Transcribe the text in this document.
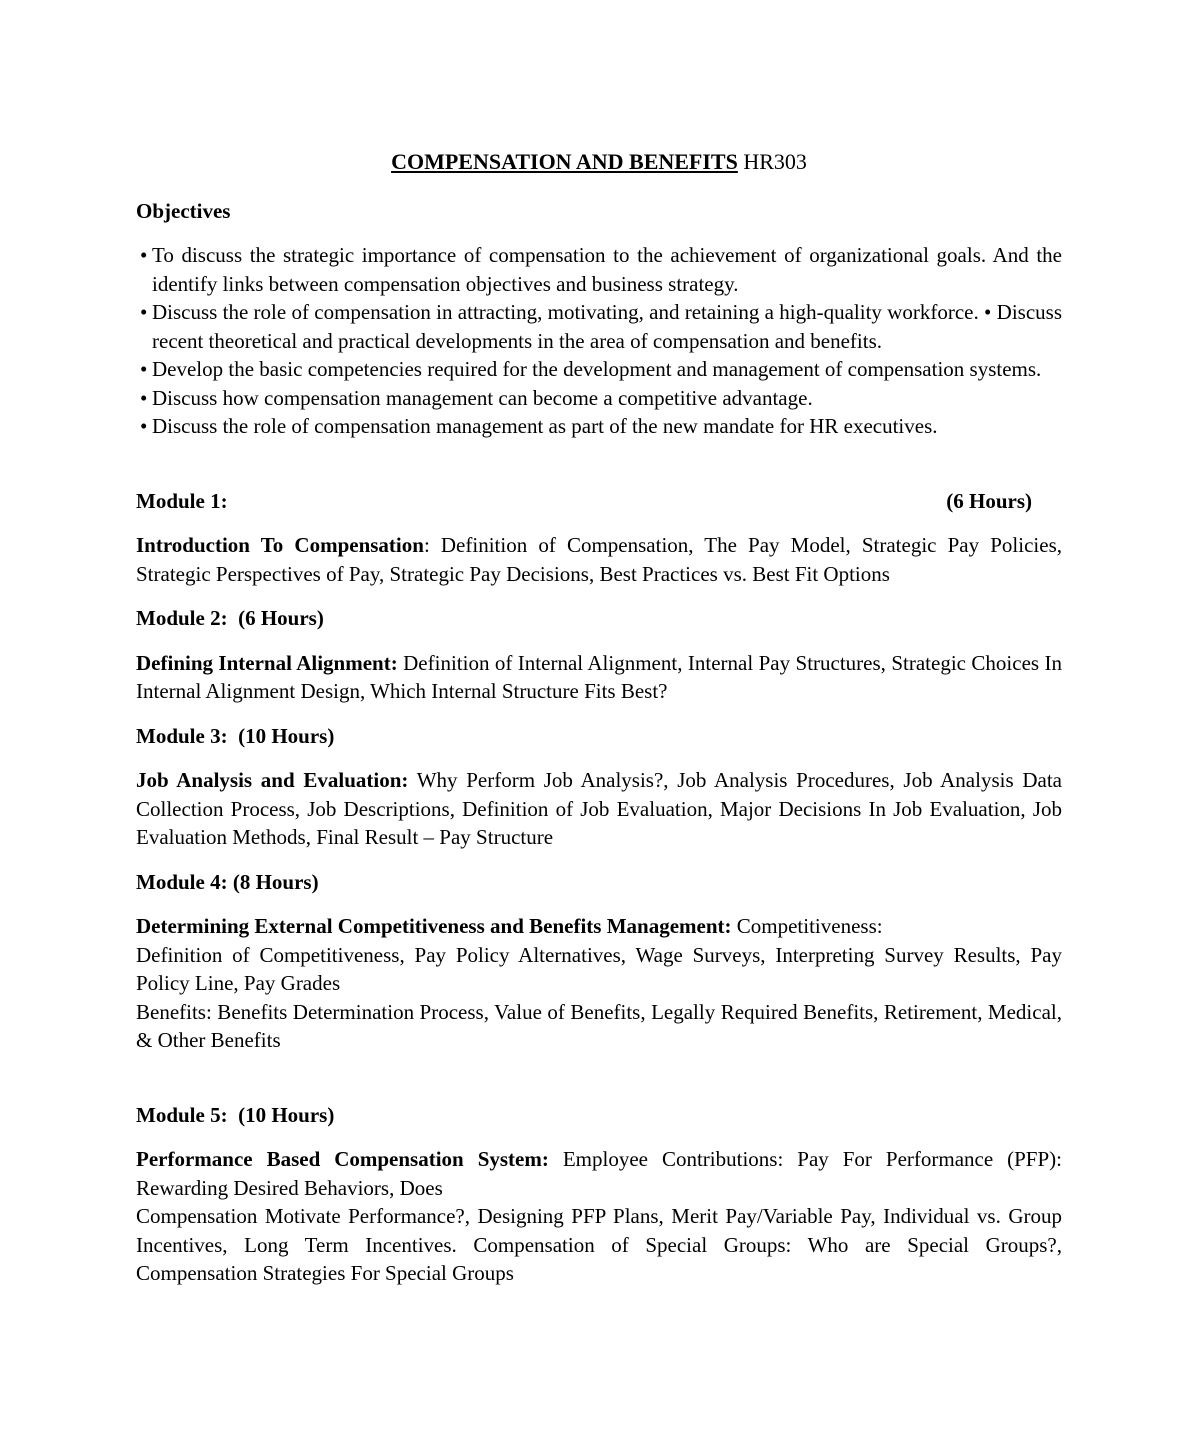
COMPENSATION AND BENEFITS HR303
Objectives
• To discuss the strategic importance of compensation to the achievement of organizational goals. And the identify links between compensation objectives and business strategy.
• Discuss the role of compensation in attracting, motivating, and retaining a high-quality workforce. • Discuss recent theoretical and practical developments in the area of compensation and benefits.
• Develop the basic competencies required for the development and management of compensation systems.
• Discuss how compensation management can become a competitive advantage.
• Discuss the role of compensation management as part of the new mandate for HR executives.
Module 1:	(6 Hours)
Introduction To Compensation: Definition of Compensation, The Pay Model, Strategic Pay Policies, Strategic Perspectives of Pay, Strategic Pay Decisions, Best Practices vs. Best Fit Options
Module 2: (6 Hours)
Defining Internal Alignment: Definition of Internal Alignment, Internal Pay Structures, Strategic Choices In Internal Alignment Design, Which Internal Structure Fits Best?
Module 3: (10 Hours)
Job Analysis and Evaluation: Why Perform Job Analysis?, Job Analysis Procedures, Job Analysis Data Collection Process, Job Descriptions, Definition of Job Evaluation, Major Decisions In Job Evaluation, Job Evaluation Methods, Final Result – Pay Structure
Module 4: (8 Hours)

Determining External Competitiveness and Benefits Management: Competitiveness:

Definition of Competitiveness, Pay Policy Alternatives, Wage Surveys, Interpreting Survey Results, Pay Policy Line, Pay Grades

Benefits: Benefits Determination Process, Value of Benefits, Legally Required Benefits, Retirement, Medical, & Other Benefits

Module 5: (10 Hours)

Performance Based Compensation System: Employee Contributions: Pay For Performance (PFP): Rewarding Desired Behaviors, Does

Compensation Motivate Performance?, Designing PFP Plans, Merit Pay/Variable Pay, Individual vs. Group Incentives, Long Term Incentives. Compensation of Special Groups: Who are Special Groups?, Compensation Strategies For Special Groups
